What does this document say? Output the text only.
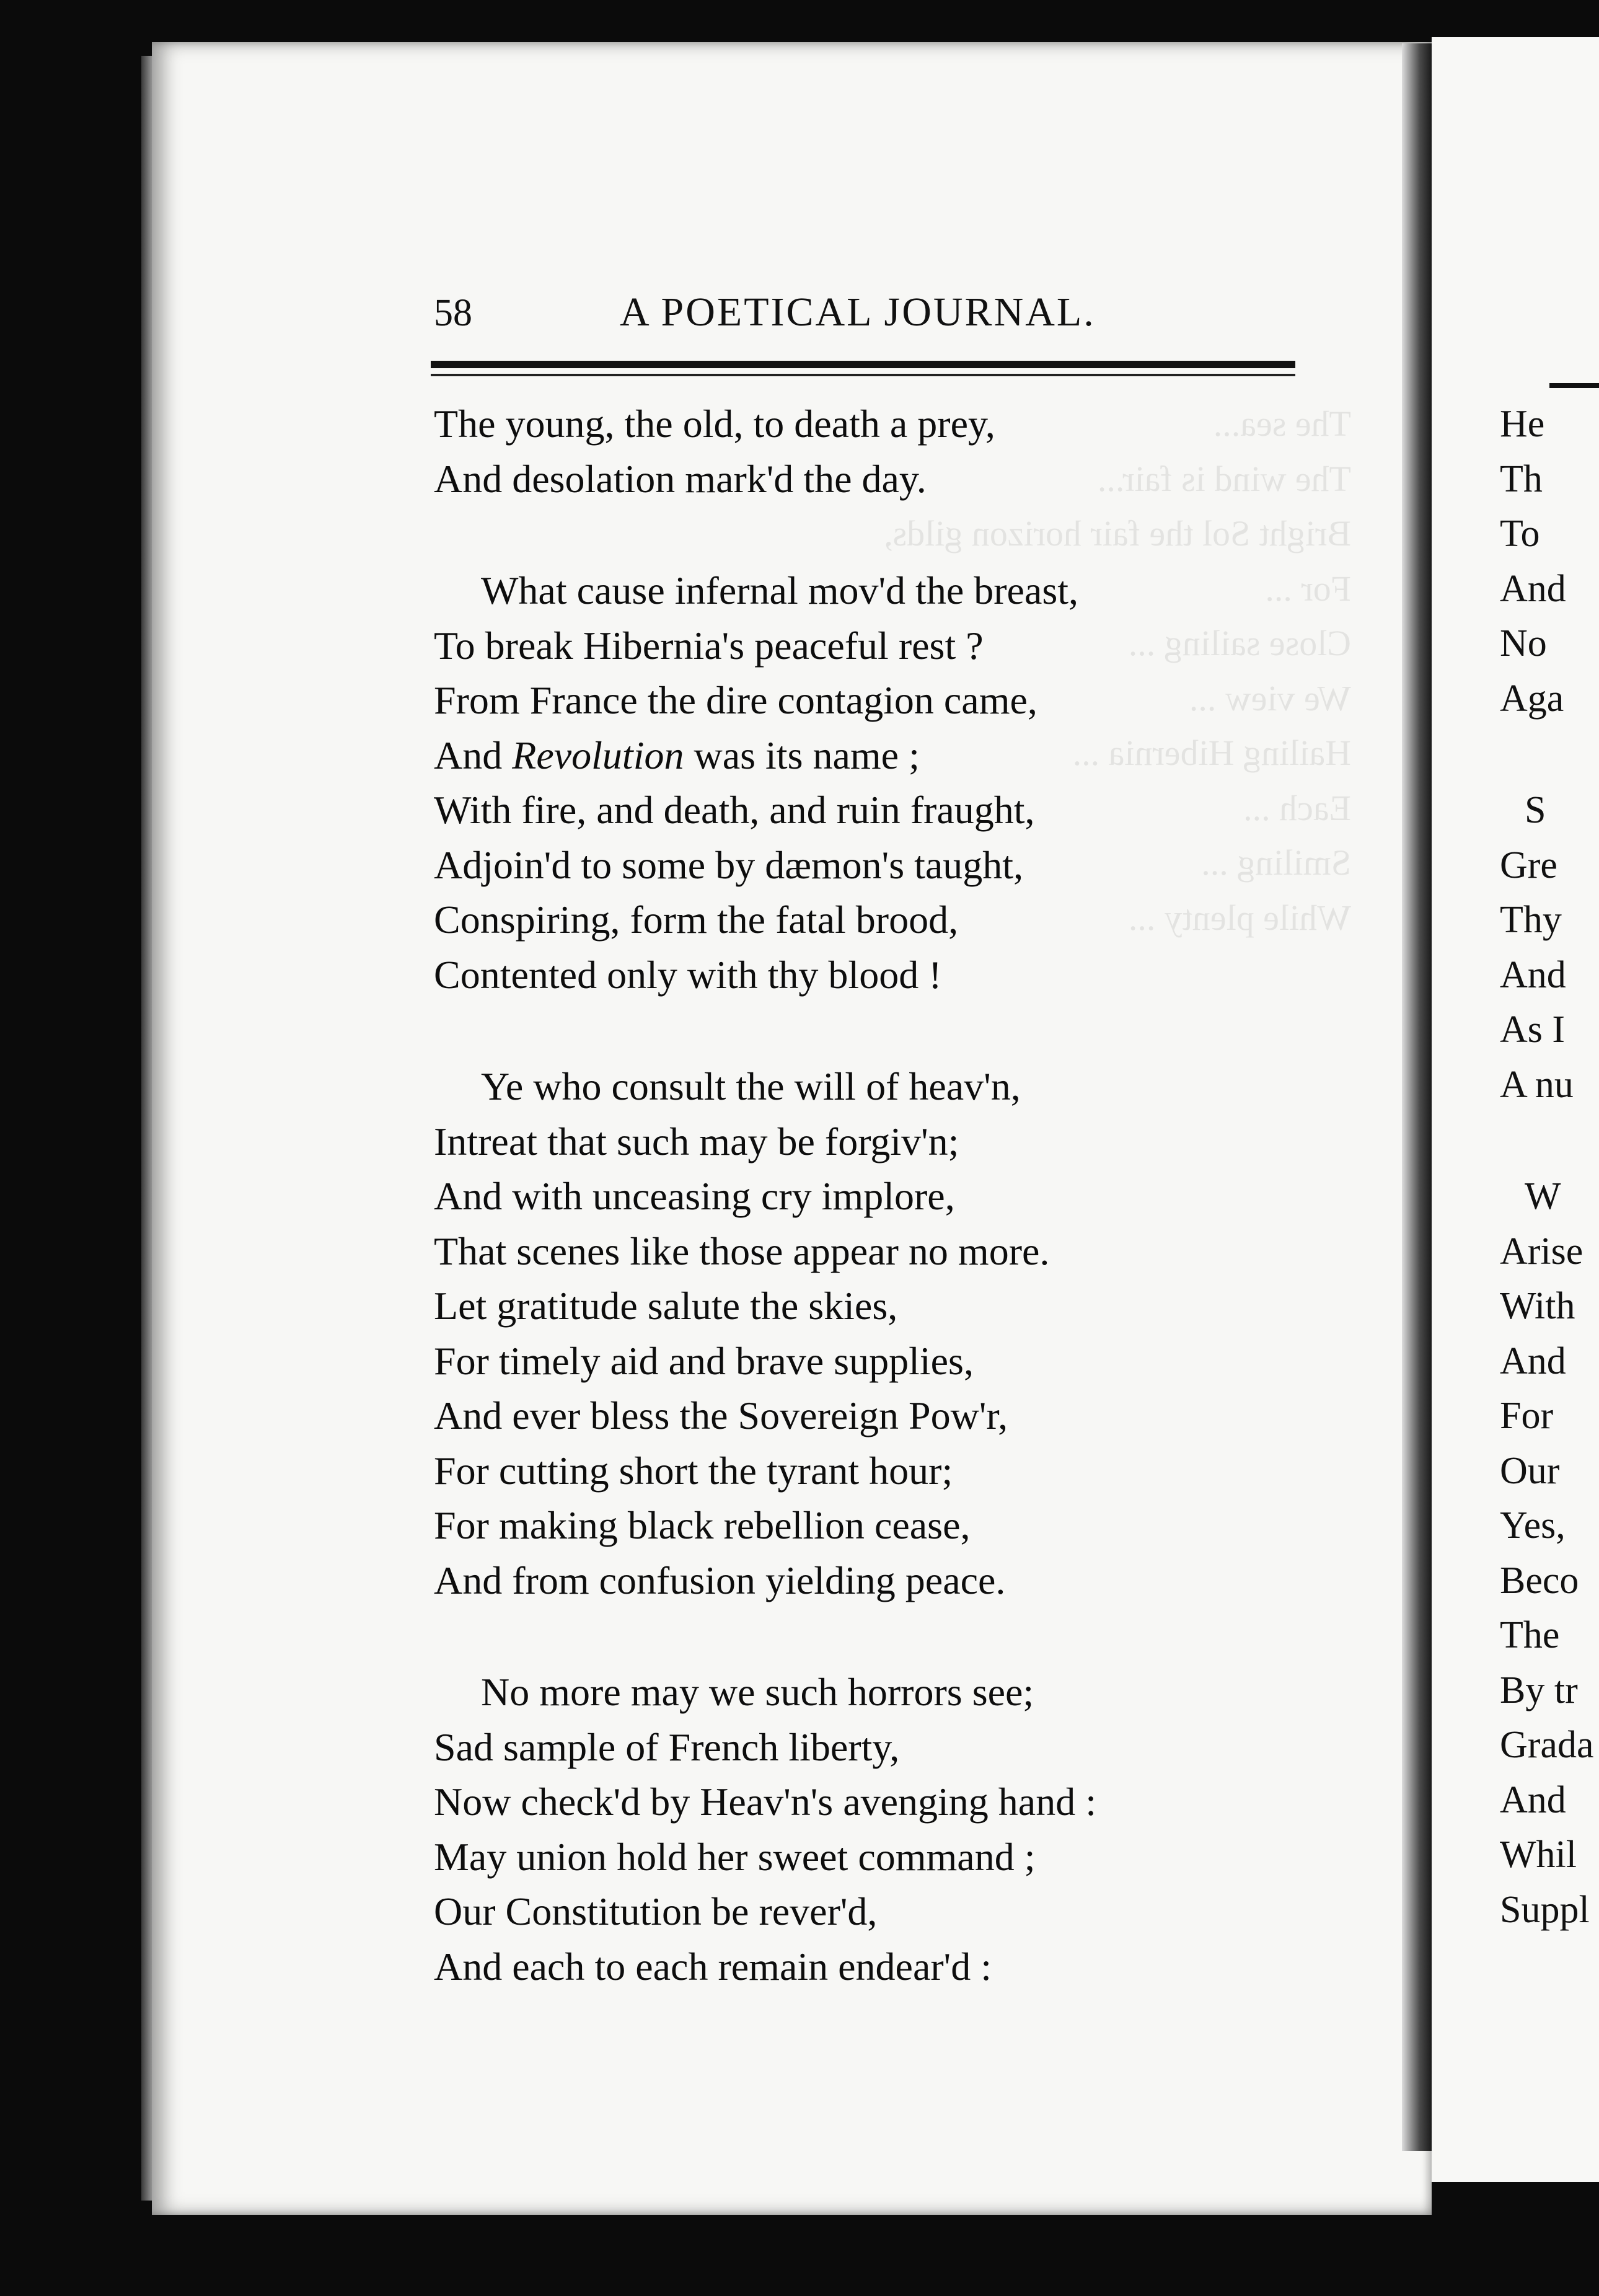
58	A POETICAL JOURNAL.
The young, the old, to death a prey,
And desolation mark'd the day.
What cause infernal mov'd the breast,
To break Hibernia's peaceful rest ?
From France the dire contagion came,
And Revolution was its name ;
With fire, and death, and ruin fraught,
Adjoin'd to some by dæmon's taught,
Conspiring, form the fatal brood,
Contented only with thy blood !
Ye who consult the will of heav'n,
Intreat that such may be forgiv'n;
And with unceasing cry implore,
That scenes like those appear no more.
Let gratitude salute the skies,
For timely aid and brave supplies,
And ever bless the Sovereign Pow'r,
For cutting short the tyrant hour;
For making black rebellion cease,
And from confusion yielding peace.
No more may we such horrors see;
Sad sample of French liberty,
Now check'd by Heav'n's avenging hand :
May union hold her sweet command ;
Our Constitution be rever'd,
And each to each remain endear'd :
He
Th
To
And
No
Aga
S
Gre
Thy
And
As I
A nu
W
Arise
With
And
For
Our
Yes,
Beco
The
By tr
Grada
And
Whil
Suppl
